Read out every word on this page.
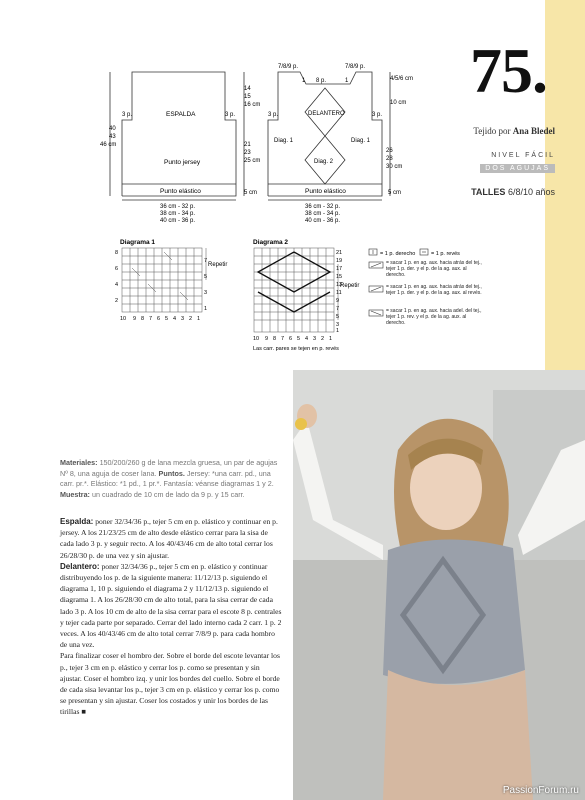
75.
Tejido por Ana Bledel
NIVEL FÁCIL
DOS AGUJAS
TALLES 6/8/10 años
ESPALDA
Punto jersey
Punto elástico
3 p.	3 p.
40
43
46 cm
14
15
16 cm
21
23
25 cm
5 cm
36 cm - 32 p.
38 cm - 34 p.
40 cm - 36 p.
7/8/9 p.	7/8/9 p.
1 8 p.	1	4/5/6 cm
10 cm
DELANTERO
3 p.	3 p.
Diag. 1	Diag. 1
Diag. 2
Punto elástico
26
28
30 cm
5 cm
36 cm - 32 p.
38 cm - 34 p.
40 cm - 36 p.
Diagrama 1
Repetir
10 9 8 7 6 5 4 3 2 1
8
7
6
5
4
3
2
1
Diagrama 2
Repetir
21
19
17
15
13
11
9
7
5
3
1
10 9 8 7 6 5 4 3 2 1
Las carr. pares se tejen en p. revés
= 1 p. derecho	= 1 p. revés
= sacar 1 p. en ag. aux. hacia atrás del tej., tejer 1 p. der. y el p. de la ag. aux. al derecho.
= sacar 1 p. en ag. aux. hacia atrás del tej., tejer 1 p. der. y el p. de la ag. aux. al revés.
= sacar 1 p. en ag. aux. hacia adel. del tej., tejer 1 p. rev. y el p. de la ag. aux. al derecho.
Materiales: 150/200/260 g de lana mezcla gruesa, un par de agujas Nº 8, una aguja de coser lana. Puntos. Jersey: *una carr. pd., una carr. pr.*. Elástico: *1 pd., 1 pr.*. Fantasía: véanse diagramas 1 y 2. Muestra: un cuadrado de 10 cm de lado da 9 p. y 15 carr.

Espalda: poner 32/34/36 p., tejer 5 cm en p. elástico y continuar en p. jersey. A los 21/23/25 cm de alto desde elástico cerrar para la sisa de cada lado 3 p. y seguir recto. A los 40/43/46 cm de alto total cerrar los 26/28/30 p. de una vez y sin ajustar.

Delantero: poner 32/34/36 p., tejer 5 cm en p. elástico y continuar distribuyendo los p. de la siguiente manera: 11/12/13 p. siguiendo el diagrama 1, 10 p. siguiendo el diagrama 2 y 11/12/13 p. siguiendo el diagrama 1. A los 26/28/30 cm de alto total, para la sisa cerrar de cada lado 3 p. A los 10 cm de alto de la sisa cerrar para el escote 8 p. centrales y tejer cada parte por separado. Cerrar del lado interno cada 2 carr. 1 p. 2 veces. A los 40/43/46 cm de alto total cerrar 7/8/9 p. para cada hombro de una vez.

Para finalizar coser el hombro der. Sobre el borde del escote levantar los p., tejer 3 cm en p. elástico y cerrar los p. como se presentan y sin ajustar. Coser el hombro izq. y unir los bordes del cuello. Sobre el borde de cada sisa levantar los p., tejer 3 cm en p. elástico y cerrar los p. como se presentan y sin ajustar. Coser los costados y unir los bordes de las tirillas ■

PassionForum.ru
